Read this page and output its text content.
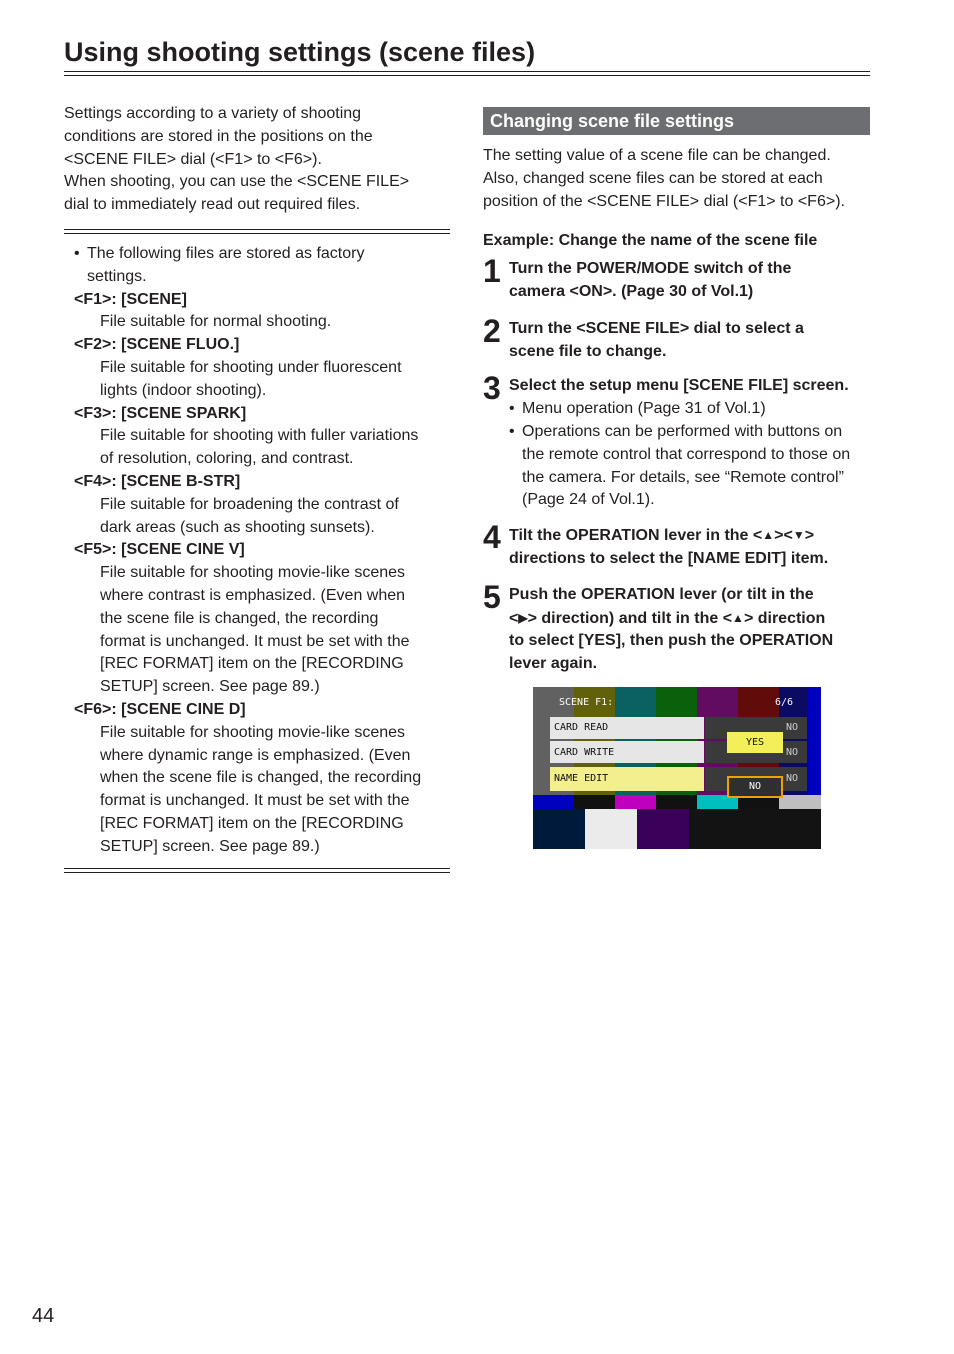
Using shooting settings (scene files)

Settings according to a variety of shooting

conditions are stored in the positions on the

<SCENE FILE> dial (<F1> to <F6>).

When shooting, you can use the <SCENE FILE>

dial to immediately read out required files.

• The following files are stored as factory
settings.
<F1>: [SCENE]
File suitable for normal shooting.
<F2>: [SCENE FLUO.]
File suitable for shooting under fluorescent
lights (indoor shooting).
<F3>: [SCENE SPARK]
File suitable for shooting with fuller variations
of resolution, coloring, and contrast.
<F4>: [SCENE B-STR]
File suitable for broadening the contrast of
dark areas (such as shooting sunsets).
<F5>: [SCENE CINE V]
File suitable for shooting movie-like scenes
where contrast is emphasized. (Even when
the scene file is changed, the recording
format is unchanged. It must be set with the
[REC FORMAT] item on the [RECORDING
SETUP] screen. See page 89.)
<F6>: [SCENE CINE D]
File suitable for shooting movie-like scenes
where dynamic range is emphasized. (Even
when the scene file is changed, the recording
format is unchanged. It must be set with the
[REC FORMAT] item on the [RECORDING
SETUP] screen. See page 89.)
Changing scene file settings

The setting value of a scene file can be changed.

Also, changed scene files can be stored at each

position of the <SCENE FILE> dial (<F1> to <F6>).

Example: Change the name of the scene file

1 Turn the POWER/MODE switch of the
camera <ON>. (Page 30 of Vol.1)
2 Turn the <SCENE FILE> dial to select a
scene file to change.
3 Select the setup menu [SCENE FILE] screen.
• Menu operation (Page 31 of Vol.1)
• Operations can be performed with buttons on
the remote control that correspond to those on
the camera. For details, see “Remote control”
(Page 24 of Vol.1).
4 Tilt the OPERATION lever in the <▲><▼>
directions to select the [NAME EDIT] item.
5 Push the OPERATION lever (or tilt in the
<▶> direction) and tilt in the <▲> direction
to select [YES], then push the OPERATION
lever again.
SCENE F1:	6/6
CARD READ
CARD WRITE
NAME EDIT
NO
NO
NO
YES
NO
44
